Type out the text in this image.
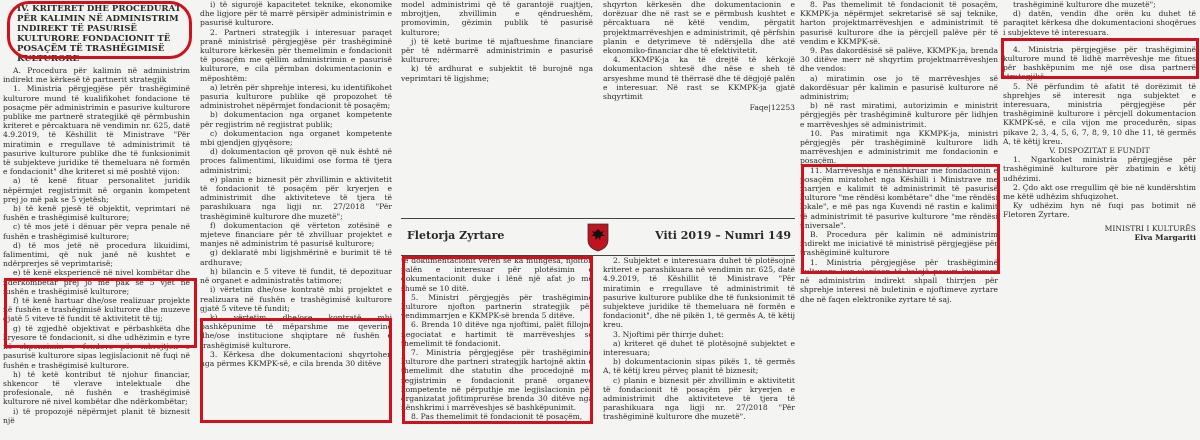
IV. KRITERET DHE PROCEDURAT PËR KALIMIN NË ADMINISTRIM INDIREKT TË PASURISË KULTURORE FONDACIONIT TË POSAÇËM TË TRASHËGIMISË KULTURORE

A. Procedura për kalimin në administrim indirekt me kërkesë të partnerit strategjik

1. Ministria përgjegjëse për trashëgiminë kulturore mund të kualifikohet fondacione të posaçme për administrimin e pasurive kulturore publike me partnerë strategjikë që përmbushin kriteret e përcaktuara në vendimin nr. 625, datë 4.9.2019, të Këshillit të Ministrave "Për miratimin e rregullave të administrimit të pasurive kulturore publike dhe të funksionimit të subjekteve juridike të themeluara në formën e fondacionit" dhe kriteret si më poshtë vijon:

a) të kenë fituar personalitet juridik nëpërmjet regjistrimit në organin kompetent prej jo më pak se 5 vjetësh;

b) të kenë pjesë të objektit, veprimtari në fushën e trashëgimisë kulturore;

c) të mos jetë i dënuar për vepra penale në fushën e trashëgimisë kulturore;

d) të mos jetë në procedura likuidimi, falimentimi, që nuk janë në kushtet e ndërprerjes së veprimtarisë;

e) të kenë eksperiencë në nivel kombëtar dhe ndërkombëtar prej jo më pak se 5 vjet në fushën e trashëgimisë kulturore;

f) të kenë hartuar dhe/ose realizuar projekte në fushën e trashëgimisë kulturore dhe muzeve gjatë 5 viteve të fundit të aktivitetit të tij;

g) të zgjedhë objektivat e përbashkëta dhe kryesore të fondacionit, si dhe udhëzimin e tyre në shpenzimin e fondeve për mbrojtjen e pasurisë kulturore sipas legjislacionit në fuqi në fushën e trashëgimisë kulturore.

h) të ketë kontribut të njohur financiar, shkencor të vlerave intelektuale dhe profesionale, në fushën e trashëgimisë kulturore në nivel kombëtar dhe ndërkombëtar;

i) të propozojë nëpërmjet planit të biznesit një

i) të sigurojë kapacitetet teknike, ekonomike dhe ligjore për të marrë përsipër administrimin e pasurisë kulturore.

2. Partneri strategjik i interesuar paraqet pranë ministrisë përgjegjëse për trashëgiminë kulturore kërkesën për themelimin e fondacionit të posaçëm me qëllim administrimin e pasurisë kulturore, e cila përmban dokumentacionin e mëposhtëm:

a) letrën për shprehje interesi, ku identifikohet pasuria kulturore publike që propozohet të administrohet nëpërmjet fondacionit të posaçëm;

b) dokumentacion nga organet kompetente për regjistrim në regjistrat publik;

c) dokumentacion nga organet kompetente mbi gjendjen gjyqësore;

d) dokumentacion që provon që nuk është në proces falimentimi, likuidimi ose forma të tjera administrimi;

e) planin e biznesit për zhvillimin e aktivitetit të fondacionit të posaçëm për kryerjen e administrimit dhe aktiviteteve të tjera të parashikuara nga ligji nr. 27/2018 "Për trashëgiminë kulturore dhe muzetë";

f) dokumentacion që vërteton zotësinë e mjeteve financiare për të zhvilluar projektet e manjes në administrim të pasurisë kulturore;

g) deklaratë mbi ligjshmërinë e burimit të të ardhurave;

h) bilancin e 5 viteve të fundit, të depozituar në organet e administratës tatimore;

i) vërtetim dhe/ose kontratë mbi projektet e realizuara në fushën e trashëgimisë kulturore gjatë 5 viteve të fundit;

k) vërtetim dhe/ose kontratë mbi bashkëpunime të mëparshme me qeverinë dhe/ose institucione shqiptare në fushën e trashëgimisë kulturore.

3. Kërkesa dhe dokumentacioni shqyrtohen nga përmes KKMPK-së, e cila brenda 30 ditëve

model administrimi që të garantojë ruajtjen, mbrojtjen, zhvillimin e qëndrueshëm, promovimin, gëzimin publik të pasurisë kulturore;

j) të ketë burime të mjaftueshme financiare për të ndërmarrë administrimin e pasurisë kulturore;

k) të ardhurat e subjektit të burojnë nga veprimtari të ligjshme;

shqyrton kërkesën dhe dokumentacionin e dorëzuar dhe në rast se e përmbush kushtet e përcaktuara në këtë vendim, përgatit projektmarrëveshjen e administrimit, që përfshin planin e detyrimeve të ndërsjella dhe atë ekonomiko-financiar dhe të efektivitetit.

4. KKMPK-ja ka të drejtë të kërkojë dokumentacion shtesë dhe nëse e sheh të arsyeshme mund të thërrasë dhe të dëgjojë palën e interesuar. Në rast se KKMPK-ja gjatë shqyrtimit

Faqe|12253

Fletorja Zyrtare	Viti 2019 – Numri 149

të dokumentacionit vëren se ka mungesa, njofton palën e interesuar për plotësimin e dokumentacionit duke i lënë një afat jo më shumë se 10 ditë.

5. Ministri përgjegjës për trashëgiminë kulturore njofton partnerin strategjik për vendimmarrjen e KKMPK-së brenda 5 ditëve.

6. Brenda 10 ditëve nga njoftimi, palët fillojnë negociatat e hartimit të marrëveshjes së themelimit të fondacionit.

7. Ministria përgjegjëse për trashëgiminë kulturore dhe partneri strategjik hartojnë aktin e themelimit dhe statutin dhe procedojnë me regjistrimin e fondacionit pranë organeve kompetente në përputhje me legjislacionin për organizatat jofitimprurëse brenda 30 ditëve nga nënshkrimi i marrëveshjes së bashkëpunimit.

8. Pas themelimit të fondacionit të posaçëm,

2. Subjektet e interesuara duhet të plotësojnë kriteret e parashikuara në vendimin nr. 625, datë 4.9.2019, të Këshillit të Ministrave "Për miratimin e rregullave të administrimit të pasurive kulturore publike dhe të funksionimit të subjekteve juridike të themeluara në formën e fondacionit", dhe në pikën 1, të germës A, të këtij kreu.

3. Njoftimi për thirrje duhet:

a) kriteret që duhet të plotësojnë subjektet e interesuara;

b) dokumentacionin sipas pikës 1, të germës A, të këtij kreu përveç planit të biznesit;

c) planin e biznesit për zhvillimin e aktivitetit të fondacionit të posaçëm për kryerjen e administrimit dhe aktiviteteve të tjera të parashikuara nga ligji nr. 27/2018 "Për trashëgiminë kulturore dhe muzetë".

8. Pas themelimit të fondacionit të posaçëm, KKMPK-ja nëpërmjet sekretarisë së saj teknike, harton projektmarrëveshjen e administrimit të pasurisë kulturore dhe ia përcjell palëve për të vendim e KKMPK-së.

9. Pas dakordësisë së palëve, KKMPK-ja, brenda 30 ditëve merr në shqyrtim projektmarrëveshjen dhe vendos:

a) miratimin ose jo të marrëveshjes së dakordësuar për kalimin e pasurisë kulturore në administrim;

b) në rast miratimi, autorizimin e ministrit përgjegjës për trashëgiminë kulturore për lidhjen e marrëveshjes së administrimit.

10. Pas miratimit nga KKMPK-ja, ministri përgjegjës për trashëgiminë kulturore lidh marrëveshjen e administrimit me fondacionin e posaçëm.

11. Marrëveshja e nënshkruar me fondacionin e posaçëm miratohet nga Këshilli i Ministrave me marrjen e kalimit të administrimit të pasurisë kulturore "me rëndësi kombëtare" dhe "me rëndësi lokale", e më pas nga Kuvendi në rastin e kalimit të administrimit të pasurive kulturore "me rëndësi universale".

B. Procedura për kalimin në administrim indirekt me iniciativë të ministrisë përgjegjëse për trashëgiminë kulturore

1. Ministria përgjegjëse për trashëgiminë kulturore kur vlerëson të kalojë pasuri kulturore në administrim indirekt shpall thirrjen për shprehje interesi në buletinin e njoftimeve zyrtare dhe në faqen elektronike zyrtare të saj.

trashëgiminë kulturore dhe muzetë";

d) datën, vendin dhe orën ku duhet të paraqitet kërkesa dhe dokumentacioni shoqërues i subjekteve të interesuara.

4. Ministria përgjegjëse për trashëgiminë kulturore mund të lidhë marrëveshje me fitues për bashkëpunim me një ose disa partnerë strategjikë.

5. Në përfundim të afatit të dorëzimit të shprehjes së interesit nga subjektet e interesuara, ministria përgjegjëse për trashëgiminë kulturore i përcjell dokumentacion KKMPK-së, e cila vijon me procedurën, sipas pikave 2, 3, 4, 5, 6, 7, 8, 9, 10 dhe 11, të germës A, të këtij kreu.

V. DISPOZITAT E FUNDIT

1. Ngarkohet ministria përgjegjëse për trashëgiminë kulturore për zbatimin e këtij udhëzimi.

2. Çdo akt ose rregullim që bie në kundërshtim me këtë udhëzim shfuqizohet.

Ky udhëzim hyn në fuqi pas botimit në Fletoren Zyrtare.

MINISTRI I KULTURËS

Elva Margariti
